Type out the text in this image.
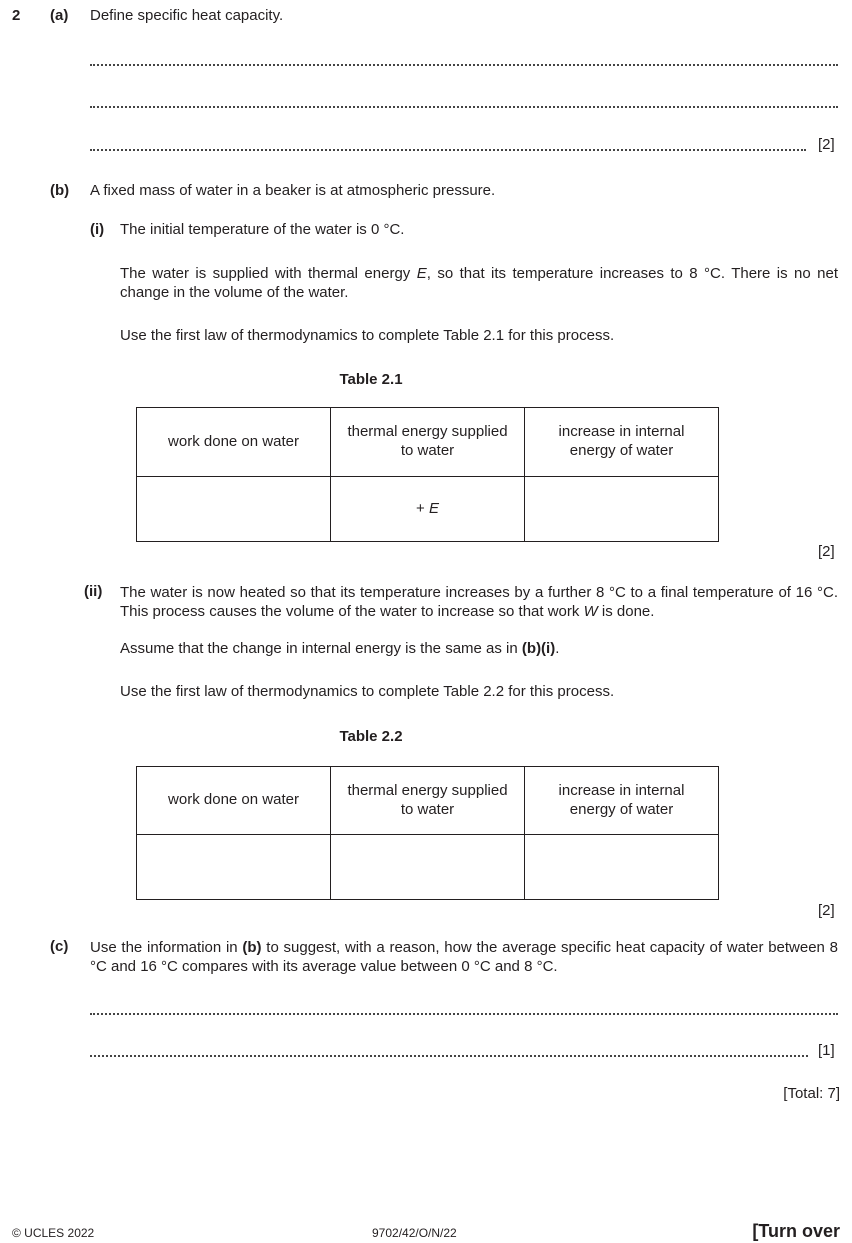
2 (a) Define specific heat capacity.
[2]
(b) A fixed mass of water in a beaker is at atmospheric pressure.
(i) The initial temperature of the water is 0 °C.
The water is supplied with thermal energy E, so that its temperature increases to 8 °C. There is no net change in the volume of the water.
Use the first law of thermodynamics to complete Table 2.1 for this process.
Table 2.1
work done on water	thermal energy supplied to water	increase in internal energy of water
	+ E	
[2]
(ii) The water is now heated so that its temperature increases by a further 8 °C to a final temperature of 16 °C. This process causes the volume of the water to increase so that work W is done.
Assume that the change in internal energy is the same as in (b)(i).
Use the first law of thermodynamics to complete Table 2.2 for this process.
Table 2.2
work done on water	thermal energy supplied to water	increase in internal energy of water

[2]
(c) Use the information in (b) to suggest, with a reason, how the average specific heat capacity of water between 8 °C and 16 °C compares with its average value between 0 °C and 8 °C.
[1]
[Total: 7]
© UCLES 2022	9702/42/O/N/22	[Turn over
